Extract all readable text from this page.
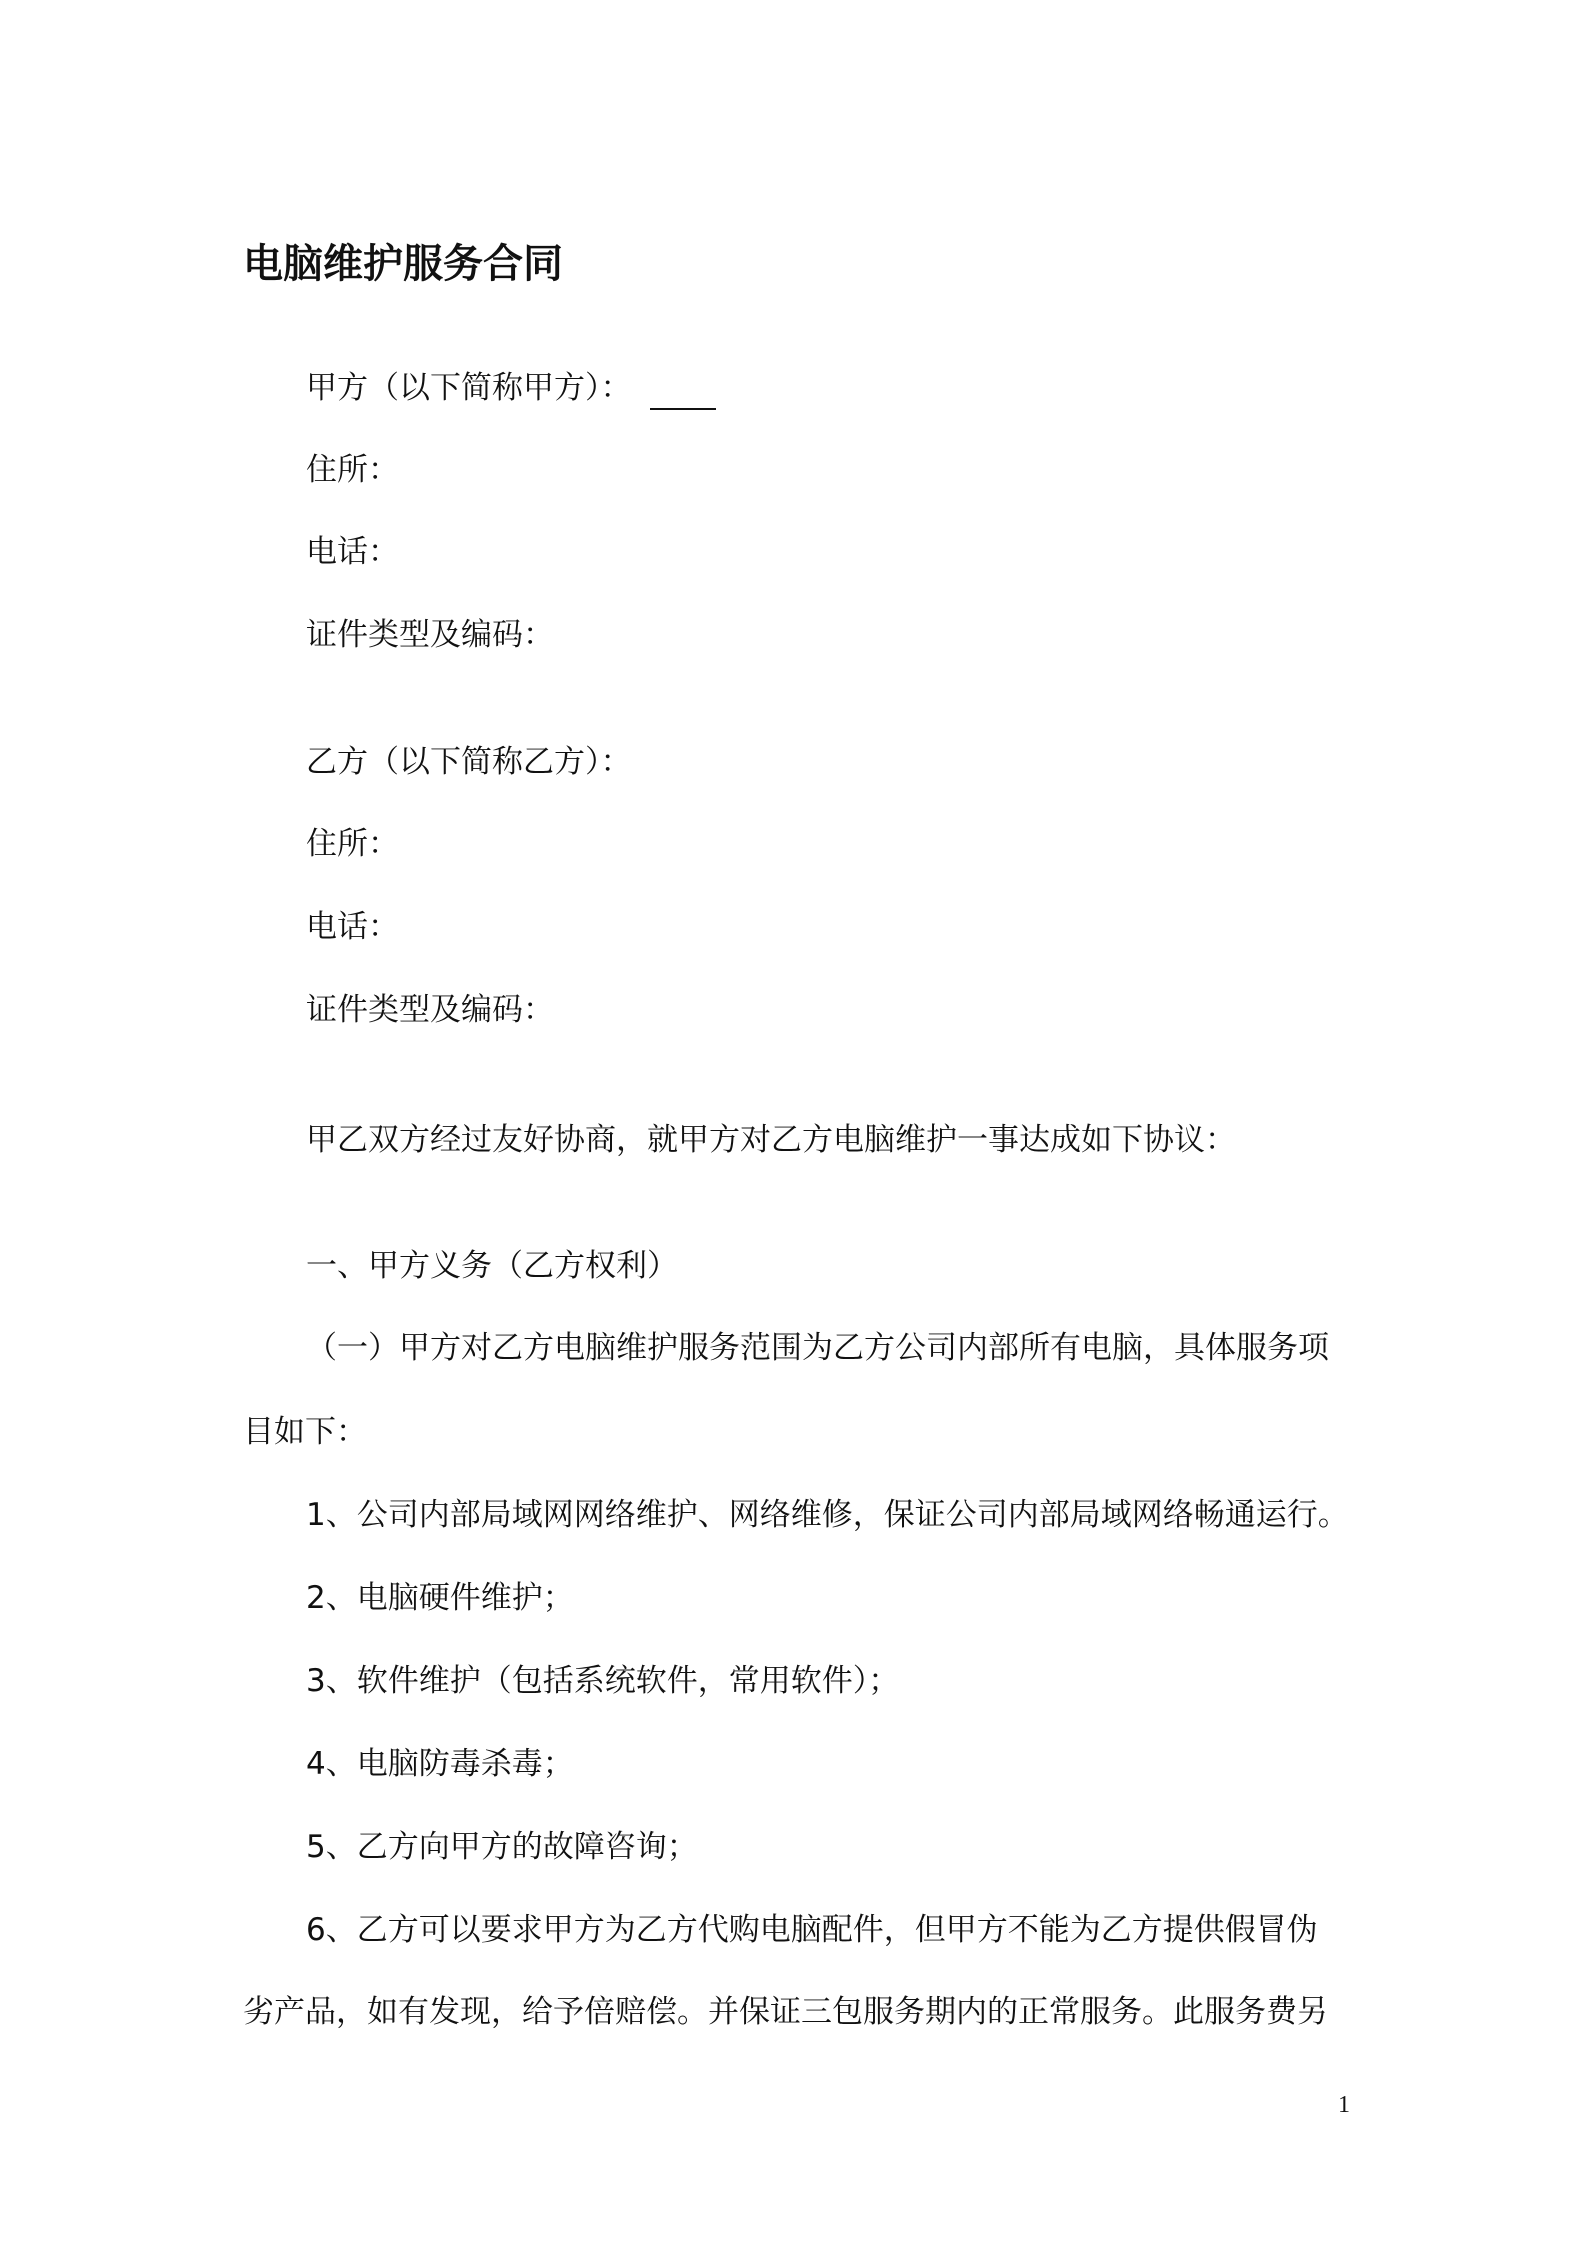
电脑维护服务合同
甲方（以下简称甲方）：
住所：
电话：
证件类型及编码：
乙方（以下简称乙方）：
住所：
电话：
证件类型及编码：
甲乙双方经过友好协商，就甲方对乙方电脑维护一事达成如下协议：
一、甲方义务（乙方权利）
（一）甲方对乙方电脑维护服务范围为乙方公司内部所有电脑，具体服务项
目如下：
1、公司内部局域网网络维护、网络维修，保证公司内部局域网络畅通运行。
2、电脑硬件维护；
3、软件维护（包括系统软件，常用软件）；
4、电脑防毒杀毒；
5、乙方向甲方的故障咨询；
6、乙方可以要求甲方为乙方代购电脑配件，但甲方不能为乙方提供假冒伪
劣产品，如有发现，给予倍赔偿。并保证三包服务期内的正常服务。此服务费另
1
